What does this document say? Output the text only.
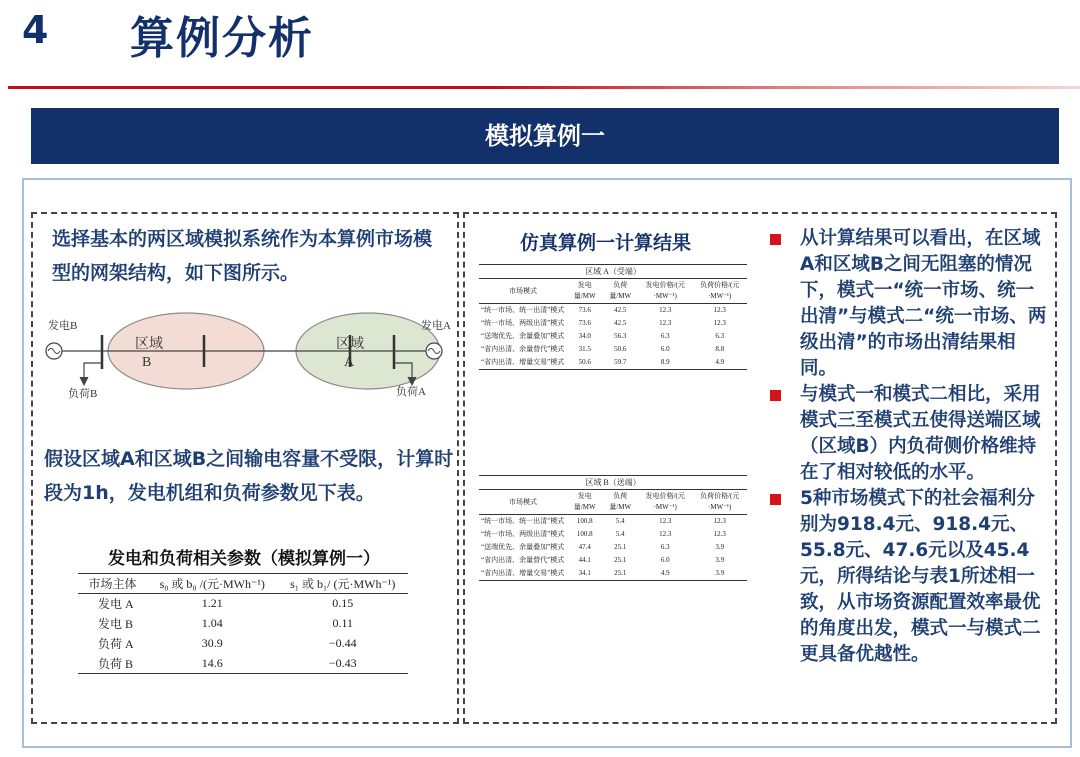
4 算例分析
模拟算例一
选择基本的两区域模拟系统作为本算例市场模型的网架结构，如下图所示。
发电B	发电A
区域
B
区域
A
负荷B	负荷A
假设区域A和区域B之间输电容量不受限，计算时段为1h，发电机组和负荷参数见下表。
发电和负荷相关参数（模拟算例一）
市场主体	s₀ 或 b₀ /(元·MWh⁻¹)	s₁ 或 b₁/ (元·MWh⁻¹)
发电 A	1.21	0.15
发电 B	1.04	0.11
负荷 A	30.9	−0.44
负荷 B	14.6	−0.43
仿真算例一计算结果
区域 A（受端）				
市场模式	发电量/MW	负荷量/MW	发电价格/(元·MW⁻¹)	负荷价格/(元·MW⁻¹)
“统一市场、统一出清”模式	73.6	42.5	12.3	12.3
“统一市场、两级出清”模式	73.6	42.5	12.3	12.3
“送端优先、余量叠加”模式	34.0	56.3	6.3	6.3
“省内出清、余量替代”模式	31.5	50.6	6.0	8.8
“省内出清、增量交易”模式	50.6	59.7	8.9	4.9
区域 B（送端）				
市场模式	发电量/MW	负荷量/MW	发电价格/(元·MW⁻¹)	负荷价格/(元·MW⁻¹)
“统一市场、统一出清”模式	100.8	5.4	12.3	12.3
“统一市场、两级出清”模式	100.8	5.4	12.3	12.3
“送端优先、余量叠加”模式	47.4	25.1	6.3	3.9
“省内出清、余量替代”模式	44.1	25.1	6.0	3.9
“省内出清、增量交易”模式	34.1	25.1	4.9	3.9
从计算结果可以看出，在区域A和区域B之间无阻塞的情况下，模式一“统一市场、统一出清”与模式二“统一市场、两级出清”的市场出清结果相同。
与模式一和模式二相比，采用模式三至模式五使得送端区域（区域B）内负荷侧价格维持在了相对较低的水平。
5种市场模式下的社会福利分别为918.4元、918.4元、55.8元、47.6元以及45.4元，所得结论与表1所述相一致，从市场资源配置效率最优的角度出发，模式一与模式二更具备优越性。
